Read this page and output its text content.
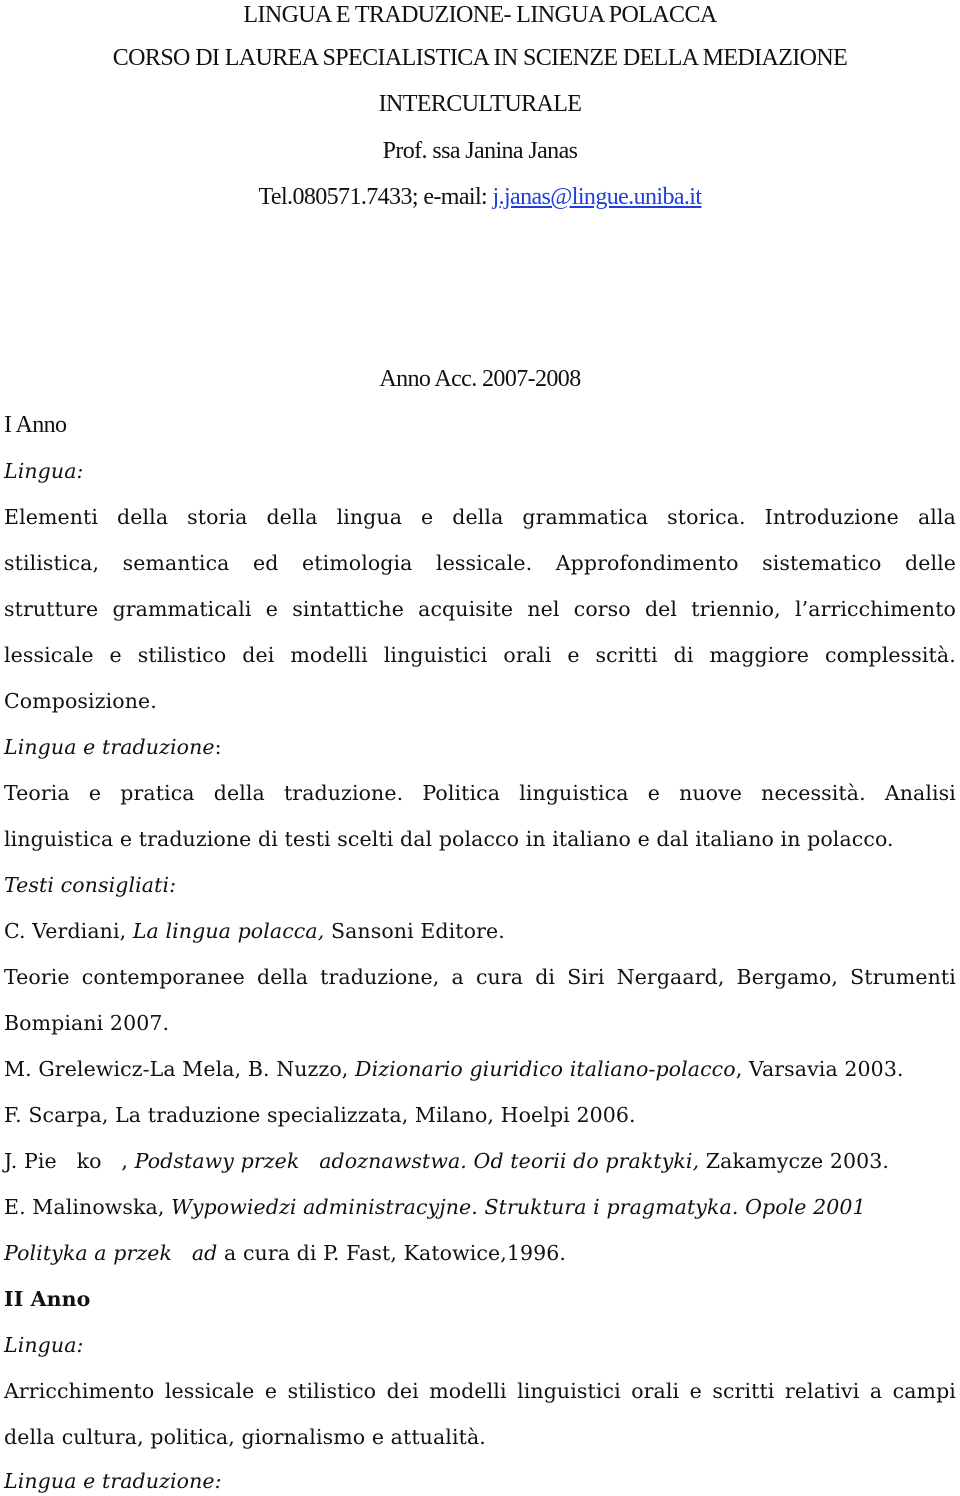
LINGUA E TRADUZIONE- LINGUA POLACCA
CORSO DI LAUREA SPECIALISTICA IN SCIENZE DELLA MEDIAZIONE
INTERCULTURALE
Prof. ssa Janina Janas
Tel.080571.7433; e-mail: j.janas@lingue.uniba.it
Anno Acc. 2007-2008
I Anno
Lingua:
Elementi della storia della lingua e della grammatica storica. Introduzione alla
stilistica, semantica ed etimologia lessicale. Approfondimento sistematico delle
strutture grammaticali e sintattiche acquisite nel corso del triennio, l’arricchimento
lessicale e stilistico dei modelli linguistici orali e scritti di maggiore complessità.
Composizione.
Lingua e traduzione:
Teoria e pratica della traduzione. Politica linguistica e nuove necessità. Analisi
linguistica e traduzione di testi scelti dal polacco in italiano e dal italiano in polacco.
Testi consigliati:
C. Verdiani, La lingua polacca, Sansoni Editore.
Teorie contemporanee della traduzione, a cura di Siri Nergaard, Bergamo, Strumenti
Bompiani 2007.
M. Grelewicz-La Mela, B. Nuzzo, Dizionario giuridico italiano-polacco, Varsavia 2003.
F. Scarpa, La traduzione specializzata, Milano, Hoelpi 2006.
J. Pie   ko   , Podstawy przek   adoznawstwa. Od teorii do praktyki, Zakamycze 2003.
E. Malinowska, Wypowiedzi administracyjne. Struktura i pragmatyka. Opole 2001
Polityka a przek   ad a cura di P. Fast, Katowice,1996.
II Anno
Lingua:
Arricchimento lessicale e stilistico dei modelli linguistici orali e scritti relativi a campi
della cultura, politica, giornalismo e attualità.
Lingua e traduzione:
